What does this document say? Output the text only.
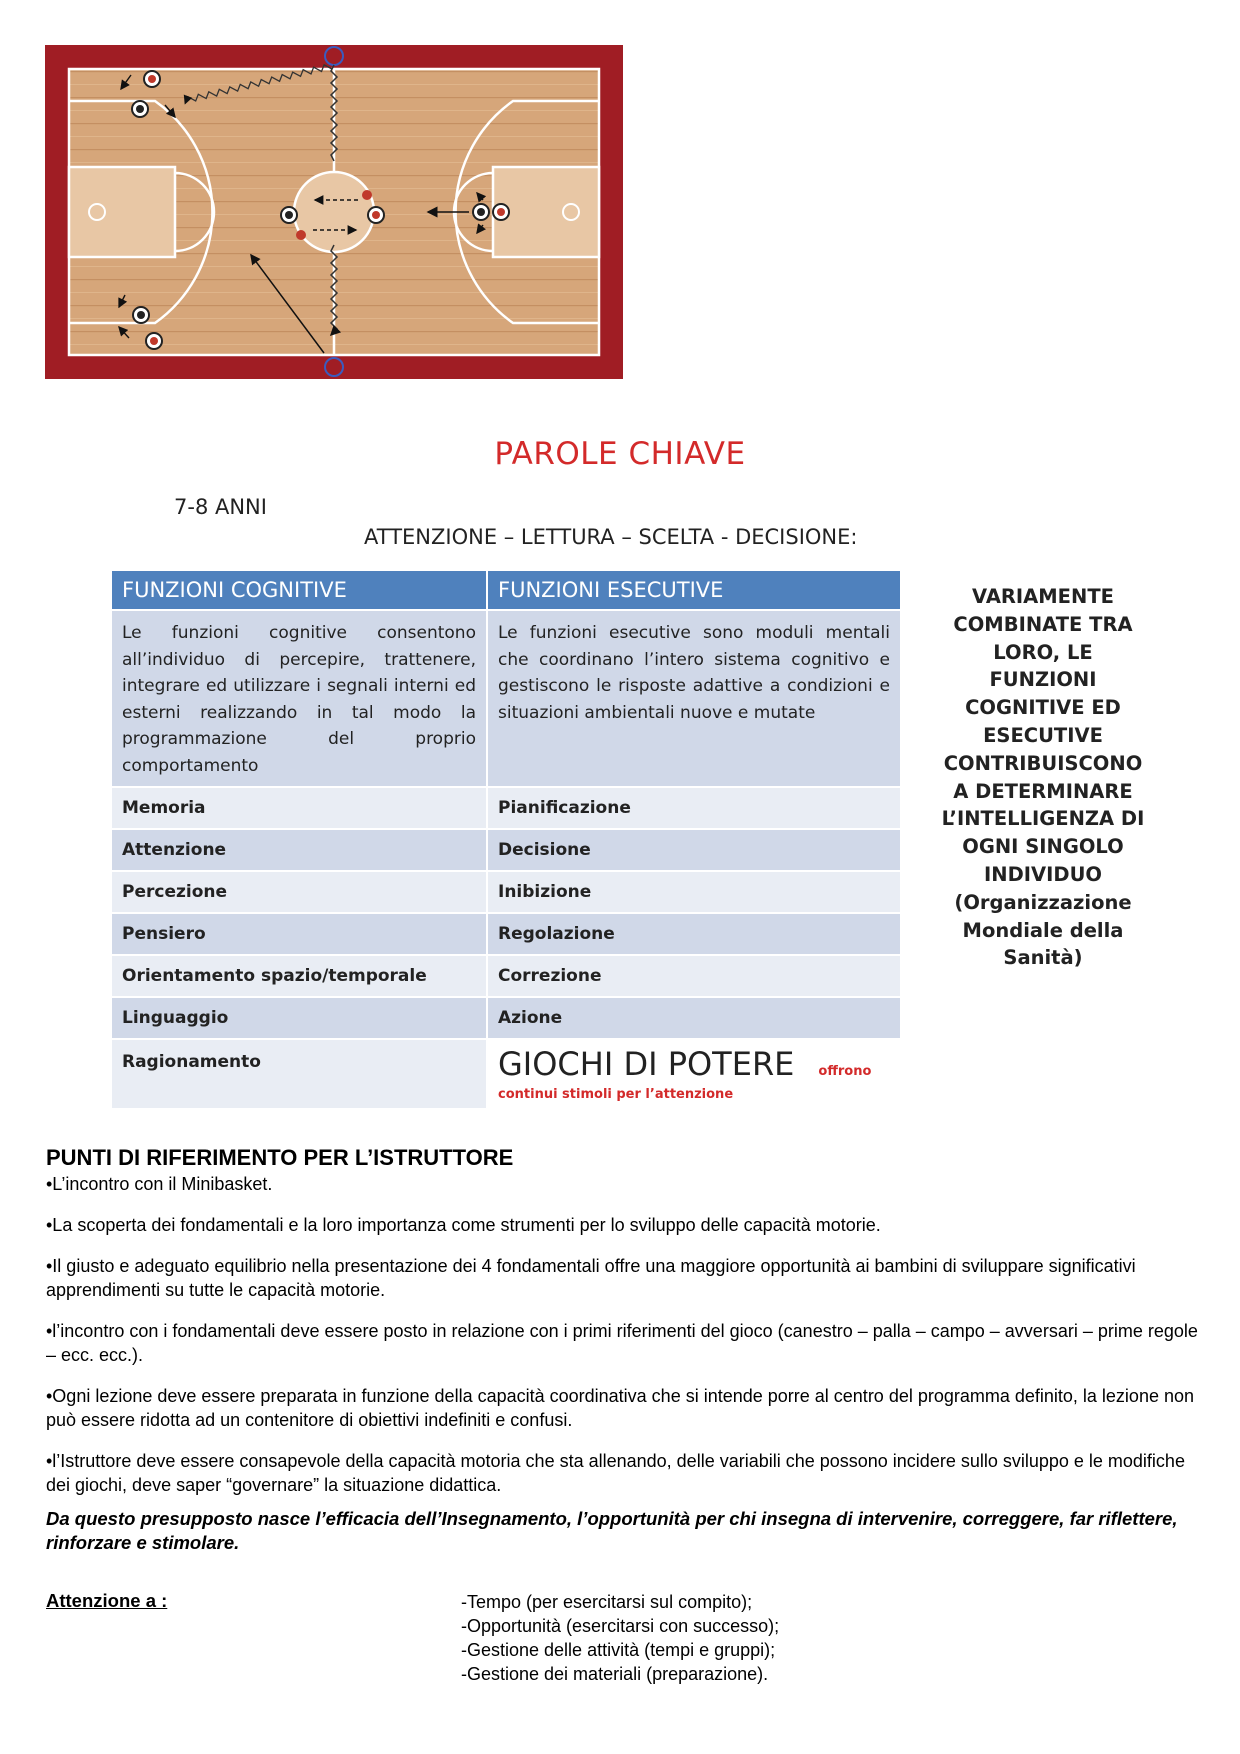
PAROLE CHIAVE
7-8 ANNI
ATTENZIONE – LETTURA – SCELTA - DECISIONE:
FUNZIONI COGNITIVE	FUNZIONI ESECUTIVE
Le funzioni cognitive consentono all’individuo di percepire, trattenere, integrare ed utilizzare i segnali interni ed esterni realizzando in tal modo la programmazione del proprio comportamento	Le funzioni esecutive sono moduli mentali che coordinano l’intero sistema cognitivo e gestiscono le risposte adattive a condizioni e situazioni ambientali nuove e mutate
Memoria	Pianificazione
Attenzione	Decisione
Percezione	Inibizione
Pensiero	Regolazione
Orientamento spazio/temporale	Correzione
Linguaggio	Azione
Ragionamento	GIOCHI DI POTERE offrono continui stimoli per l’attenzione
VARIAMENTE
COMBINATE TRA
LORO, LE
FUNZIONI
COGNITIVE ED
ESECUTIVE
CONTRIBUISCONO
A DETERMINARE
L’INTELLIGENZA DI
OGNI SINGOLO
INDIVIDUO
(Organizzazione
Mondiale della
Sanità)
PUNTI DI RIFERIMENTO PER L’ISTRUTTORE

•L’incontro con il Minibasket.

•La scoperta dei fondamentali e la loro importanza come strumenti per lo sviluppo delle capacità motorie.

•Il giusto e adeguato equilibrio nella presentazione dei 4 fondamentali offre una maggiore opportunità ai bambini di sviluppare significativi apprendimenti su tutte le capacità motorie.

•l’incontro con i fondamentali deve essere posto in relazione con i primi riferimenti del gioco (canestro – palla – campo – avversari – prime regole – ecc. ecc.).

•Ogni lezione deve essere preparata in funzione della capacità coordinativa che si intende porre al centro del programma definito, la lezione non può essere ridotta ad un contenitore di obiettivi indefiniti e confusi.

•l’Istruttore deve essere consapevole della capacità motoria che sta allenando, delle variabili che possono incidere sullo sviluppo e le modifiche dei giochi, deve saper “governare” la situazione didattica.

Da questo presupposto nasce l’efficacia dell’Insegnamento, l’opportunità per chi insegna di intervenire, correggere, far riflettere, rinforzare e stimolare.
Attenzione a :	-Tempo (per esercitarsi sul compito);
-Opportunità (esercitarsi con successo);
-Gestione delle attività (tempi e gruppi);
-Gestione dei materiali (preparazione).
